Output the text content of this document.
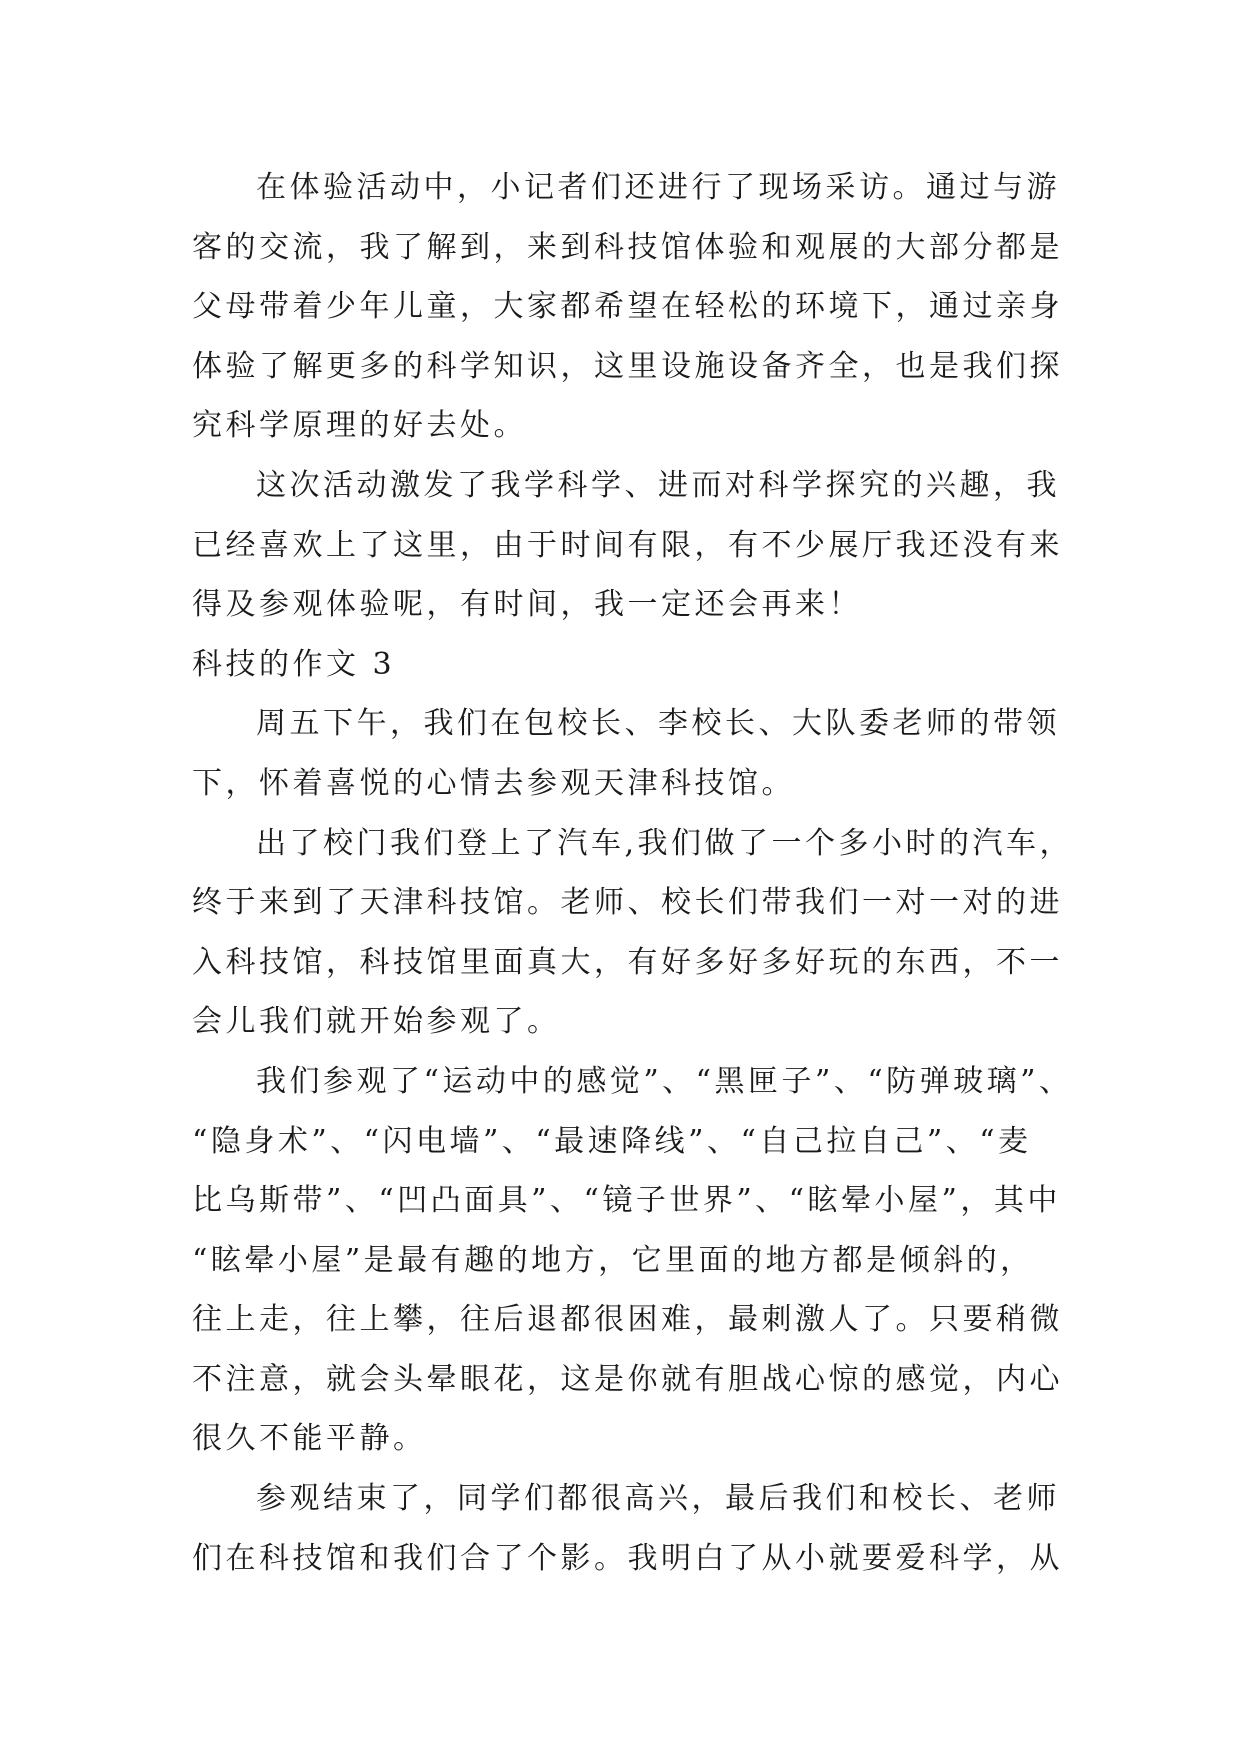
在体验活动中，小记者们还进行了现场采访。通过与游
客的交流，我了解到，来到科技馆体验和观展的大部分都是
父母带着少年儿童，大家都希望在轻松的环境下，通过亲身
体验了解更多的科学知识，这里设施设备齐全，也是我们探
究科学原理的好去处。

这次活动激发了我学科学、进而对科学探究的兴趣，我
已经喜欢上了这里，由于时间有限，有不少展厅我还没有来
得及参观体验呢，有时间，我一定还会再来！

科技的作文 3

周五下午，我们在包校长、李校长、大队委老师的带领
下，怀着喜悦的心情去参观天津科技馆。

出了校门我们登上了汽车,我们做了一个多小时的汽车，
终于来到了天津科技馆。老师、校长们带我们一对一对的进
入科技馆，科技馆里面真大，有好多好多好玩的东西，不一
会儿我们就开始参观了。

我们参观了“运动中的感觉”、“黑匣子”、“防弹玻璃”、
“隐身术”、“闪电墙”、“最速降线”、“自己拉自己”、“麦
比乌斯带”、“凹凸面具”、“镜子世界”、“眩晕小屋”，其中
“眩晕小屋”是最有趣的地方，它里面的地方都是倾斜的，
往上走，往上攀，往后退都很困难，最刺激人了。只要稍微
不注意，就会头晕眼花，这是你就有胆战心惊的感觉，内心
很久不能平静。

参观结束了，同学们都很高兴，最后我们和校长、老师
们在科技馆和我们合了个影。我明白了从小就要爱科学，从
